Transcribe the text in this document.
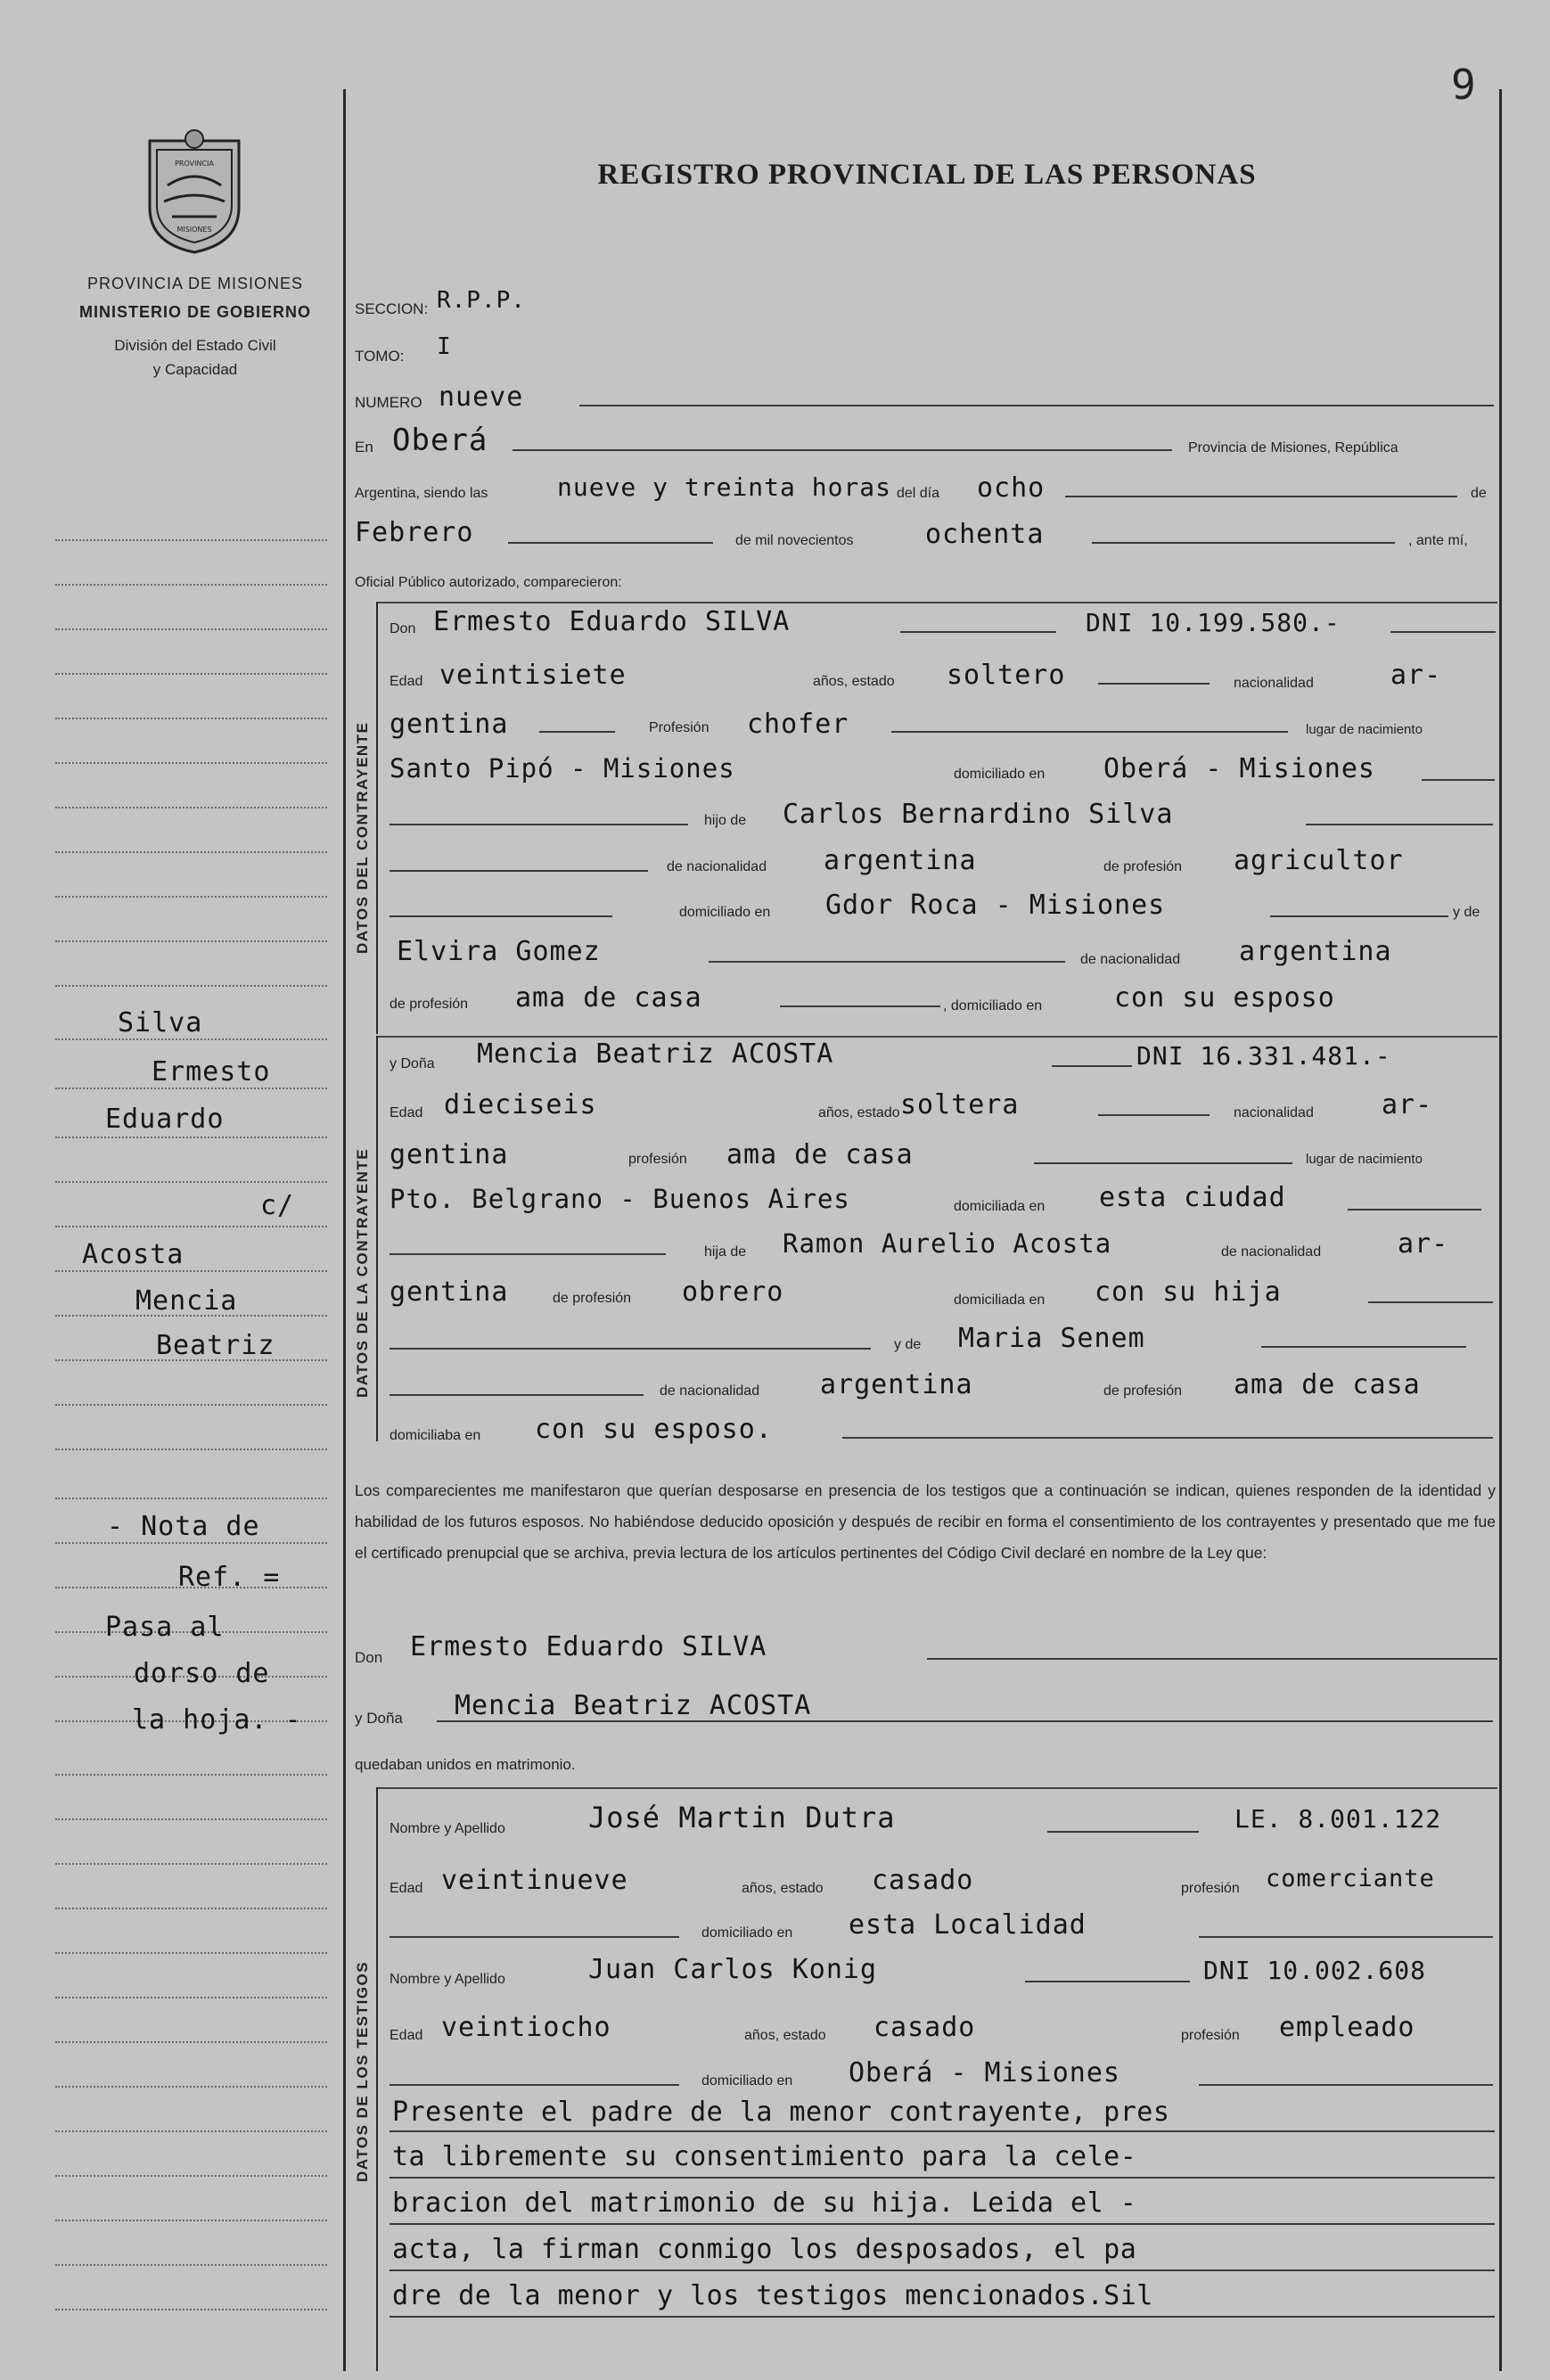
9
PROVINCIA
MISIONES
PROVINCIA DE MISIONES
MINISTERIO DE GOBIERNO
División del Estado Civil
y Capacidad
Silva
Ermesto
Eduardo
c/
Acosta
Mencia
Beatriz
- Nota de
Ref. =
Pasa al
dorso de
la hoja. -
REGISTRO PROVINCIAL DE LAS PERSONAS
SECCION: R.P.P.
TOMO: I
NUMERO nueve
En Oberá	Provincia de Misiones, República
Argentina, siendo las	nueve y treinta horas del día ocho	de
Febrero	de mil novecientos	ochenta	, ante mí,
Oficial Público autorizado, comparecieron:
DATOS DEL CONTRAYENTE
Don Ermesto Eduardo SILVA	DNI 10.199.580.-
Edad veintisiete	años, estado soltero	nacionalidad	ar-
gentina	Profesión chofer	lugar de nacimiento
Santo Pipó - Misiones	domiciliado en Oberá - Misiones
hijo de Carlos Bernardino Silva
de nacionalidad argentina	de profesión agricultor
domiciliado en Gdor Roca - Misiones	y de
Elvira Gomez	de nacionalidad argentina
de profesión ama de casa	, domiciliado en	con su esposo
DATOS DE LA CONTRAYENTE
y Doña Mencia Beatriz ACOSTA	DNI 16.331.481.-
Edad dieciseis	años, estado soltera	nacionalidad	ar-
gentina	profesión ama de casa	lugar de nacimiento
Pto. Belgrano - Buenos Aires	domiciliada en esta ciudad
hija de Ramon Aurelio Acosta	de nacionalidad	ar-
gentina	de profesión obrero	domiciliada en con su hija
y de Maria Senem
de nacionalidad argentina	de profesión ama de casa
domiciliaba en con su esposo.
Los comparecientes me manifestaron que querían desposarse en presencia de los testigos que a continuación se indican, quienes responden de la identidad y habilidad de los futuros esposos. No habiéndose deducido oposición y después de recibir en forma el consentimiento de los contrayentes y presentado que me fue el certificado prenupcial que se archiva, previa lectura de los artículos pertinentes del Código Civil declaré en nombre de la Ley que:
Don Ermesto Eduardo SILVA
y Doña Mencia Beatriz ACOSTA
quedaban unidos en matrimonio.
DATOS DE LOS TESTIGOS
Nombre y Apellido	José Martin Dutra	LE. 8.001.122
Edad veintinueve	años, estado casado	profesión comerciante
domiciliado en esta Localidad
Nombre y Apellido	Juan Carlos Konig	DNI 10.002.608
Edad veintiocho	años, estado casado	profesión empleado
domiciliado en Oberá - Misiones
Presente el padre de la menor contrayente, pres
ta libremente su consentimiento para la cele-
bracion del matrimonio de su hija. Leida el -
acta, la firman conmigo los desposados, el pa
dre de la menor y los testigos mencionados.Sil
